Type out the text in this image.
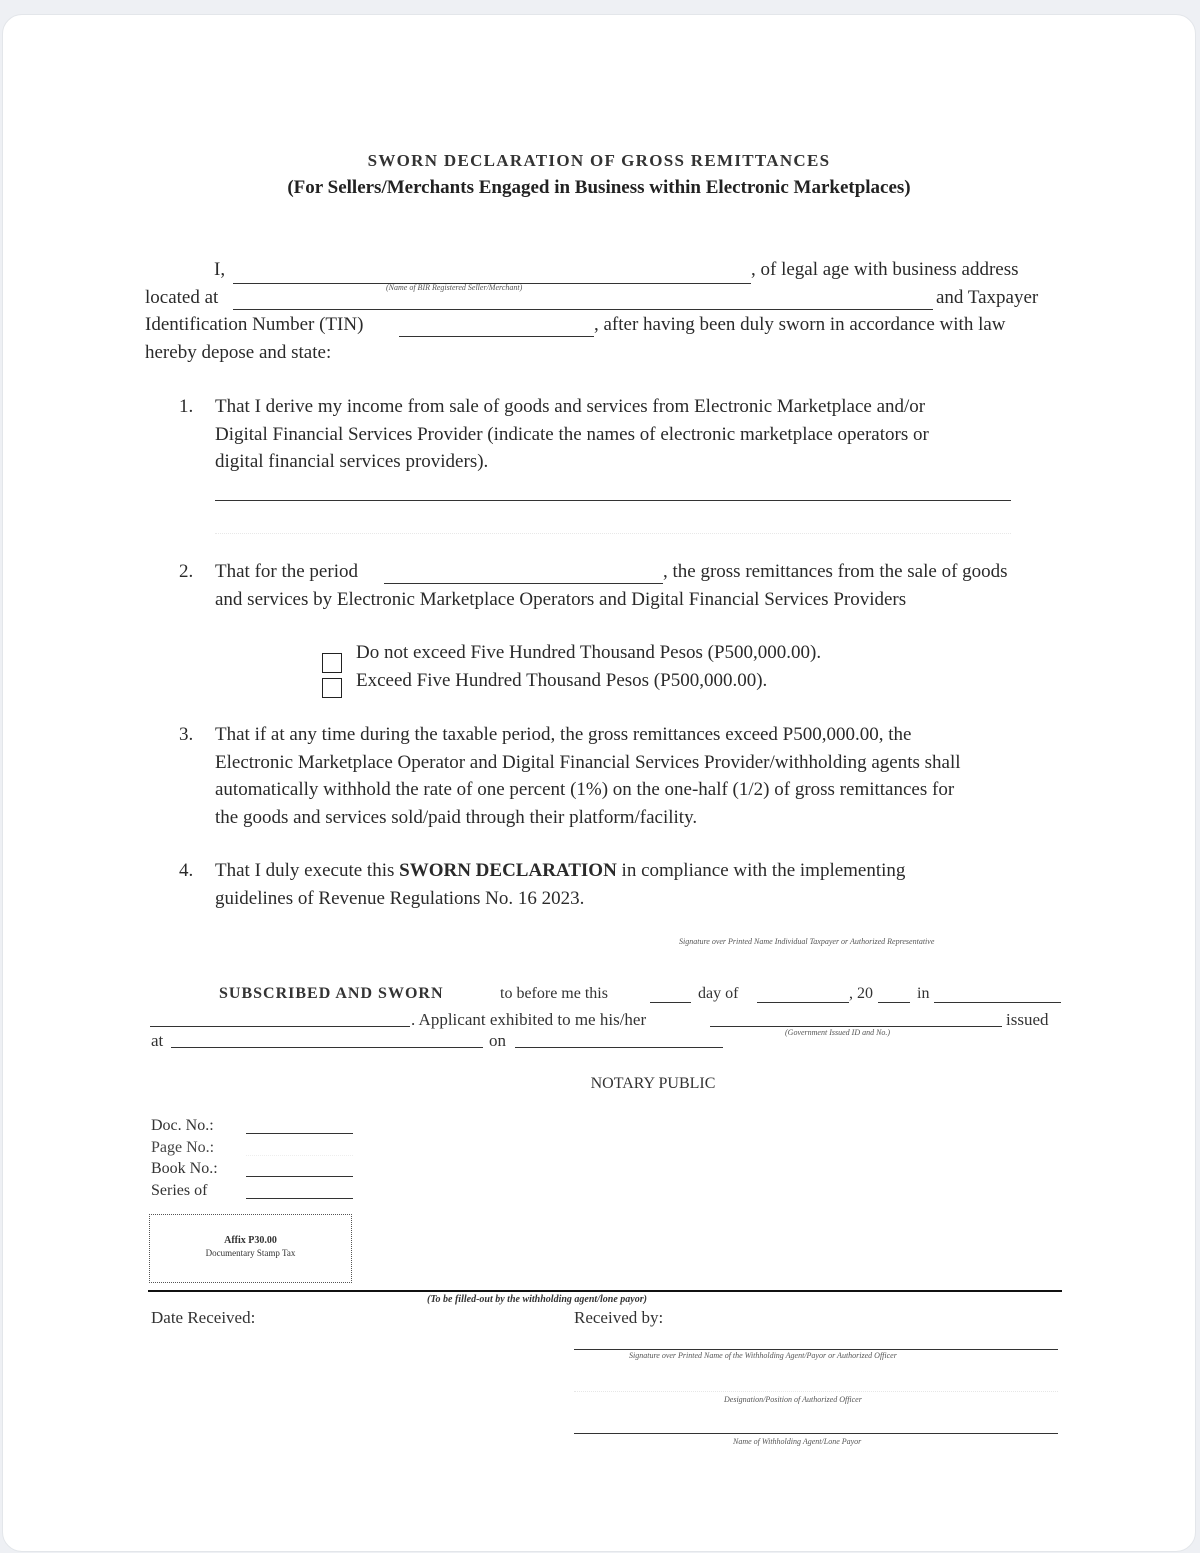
SWORN DECLARATION OF GROSS REMITTANCES
(For Sellers/Merchants Engaged in Business within Electronic Marketplaces)
I,
(Name of BIR Registered Seller/Merchant)
, of legal age with business address
located at	and Taxpayer
Identification Number (TIN)	, after having been duly sworn in accordance with law
hereby depose and state:
1. That I derive my income from sale of goods and services from Electronic Marketplace and/or
Digital Financial Services Provider (indicate the names of electronic marketplace operators or
digital financial services providers).
2. That for the period	, the gross remittances from the sale of goods
and services by Electronic Marketplace Operators and Digital Financial Services Providers
Do not exceed Five Hundred Thousand Pesos (P500,000.00).
Exceed Five Hundred Thousand Pesos (P500,000.00).
3. That if at any time during the taxable period, the gross remittances exceed P500,000.00, the
Electronic Marketplace Operator and Digital Financial Services Provider/withholding agents shall
automatically withhold the rate of one percent (1%) on the one-half (1/2) of gross remittances for
the goods and services sold/paid through their platform/facility.
4. That I duly execute this SWORN DECLARATION in compliance with the implementing
guidelines of Revenue Regulations No. 16 2023.
Signature over Printed Name Individual Taxpayer or Authorized Representative
SUBSCRIBED AND SWORN	to before me this	day of	, 20	in
. Applicant exhibited to me his/her	issued
(Government Issued ID and No.)
at	on
NOTARY PUBLIC
Doc. No.:
Page No.:
Book No.:
Series of
Affix P30.00
Documentary Stamp Tax
(To be filled-out by the withholding agent/lone payor)
Date Received:	Received by:
Signature over Printed Name of the Withholding Agent/Payor or Authorized Officer
Designation/Position of Authorized Officer
Name of Withholding Agent/Lone Payor
